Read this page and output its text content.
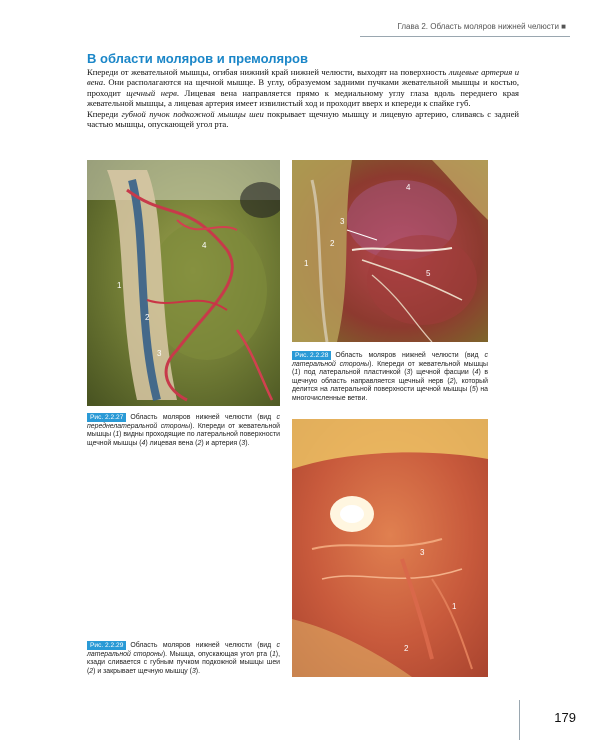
Глава 2. Область моляров нижней челюсти ■
В области моляров и премоляров

Кпереди от жевательной мышцы, огибая нижний край нижней челюсти, выходят на поверхность лицевые артерия и вена. Они располагаются на щечной мышце. В углу, образуемом задними пучками жевательной мышцы и костью, проходит щечный нерв. Лицевая вена направляется прямо к медиальному углу глаза вдоль переднего края жевательной мышцы, а лицевая артерия имеет извилистый ход и проходит вверх и кпереди к спайке губ.

Кпереди губной пучок подкожной мышцы шеи покрывает щечную мышцу и лицевую артерию, сливаясь с задней частью мышцы, опускающей угол рта.

1
2
3
4
Рис. 2.2.27 Область моляров нижней челюсти (вид с переднелатеральной стороны). Кпереди от жевательной мышцы (1) видны проходящие по латеральной поверхности щечной мышцы (4) лицевая вена (2) и артерия (3).
1
2
3
4
5
Рис. 2.2.28 Область моляров нижней челюсти (вид с латеральной стороны). Кпереди от жевательной мышцы (1) под латеральной пластинкой (3) щечной фасции (4) в щечную область направляется щечный нерв (2), который делится на латеральной поверхности щечной мышцы (5) на многочисленные ветви.
3
1
2
Рис. 2.2.29 Область моляров нижней челюсти (вид с латеральной стороны). Мышца, опускающая угол рта (1), кзади сливается с губным пучком подкожной мышцы шеи (2) и закрывает щечную мышцу (3).
179
